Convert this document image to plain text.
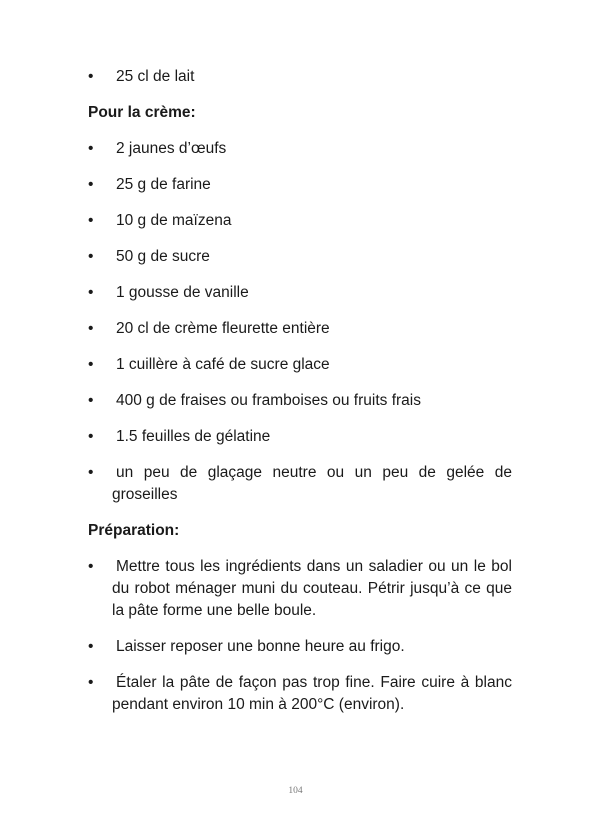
•	25 cl de lait
Pour la crème:
•	2 jaunes d’œufs
•	25 g de farine
•	10 g de maïzena
•	50 g de sucre
•	1 gousse de vanille
•	20 cl de crème fleurette entière
•	1 cuillère à café de sucre glace
•	400 g de fraises ou framboises ou fruits frais
•	1.5 feuilles de gélatine
•	un peu de glaçage neutre ou un peu de gelée de groseilles
Préparation:
•	Mettre tous les ingrédients dans un saladier ou un le bol du robot ménager muni du couteau. Pétrir jusqu’à ce que la pâte forme une belle boule.
•	Laisser reposer une bonne heure au frigo.
•	Étaler la pâte de façon pas trop fine. Faire cuire à blanc pendant environ 10 min à 200°C (environ).
104
